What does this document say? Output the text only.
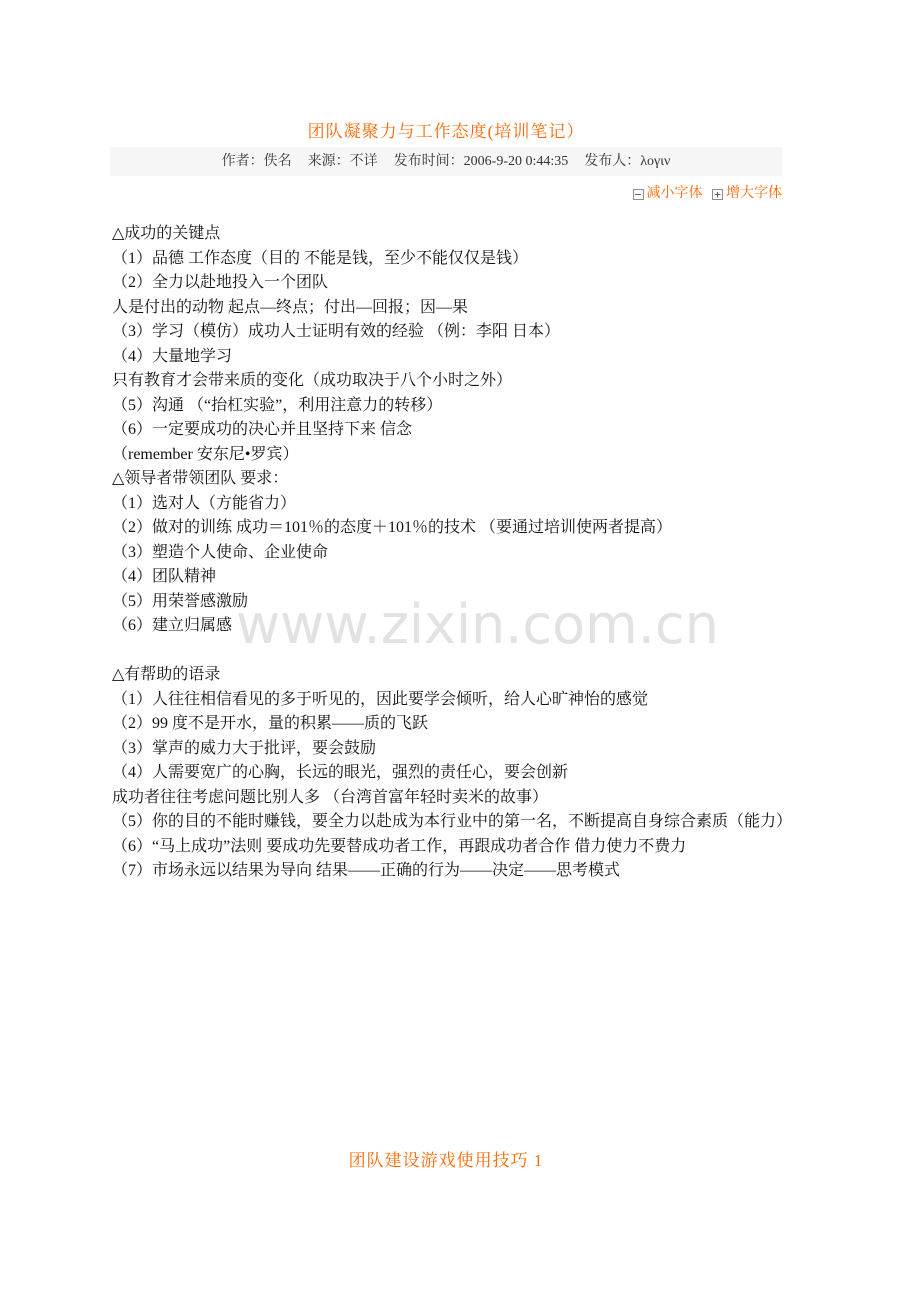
www.zixin.com.cn
团队凝聚力与工作态度(培训笔记）
作者：佚名 来源：不详 发布时间：2006-9-20 0:44:35 发布人：λογιν
− 减小字体 + 增大字体
△成功的关键点
（1）品德 工作态度（目的 不能是钱，至少不能仅仅是钱）
（2）全力以赴地投入一个团队
人是付出的动物 起点—终点；付出—回报；因—果
（3）学习（模仿）成功人士证明有效的经验 （例：李阳 日本）
（4）大量地学习
只有教育才会带来质的变化（成功取决于八个小时之外）
（5）沟通 （“抬杠实验”，利用注意力的转移）
（6）一定要成功的决心并且坚持下来 信念
（remember 安东尼•罗宾）
△领导者带领团队 要求：
（1）选对人（方能省力）
（2）做对的训练 成功＝101％的态度＋101％的技术 （要通过培训使两者提高）
（3）塑造个人使命、企业使命
（4）团队精神
（5）用荣誉感激励
（6）建立归属感

△有帮助的语录
（1）人往往相信看见的多于听见的，因此要学会倾听，给人心旷神怡的感觉
（2）99 度不是开水，量的积累——质的飞跃
（3）掌声的威力大于批评，要会鼓励
（4）人需要宽广的心胸，长远的眼光，强烈的责任心，要会创新
成功者往往考虑问题比别人多 （台湾首富年轻时卖米的故事）
（5）你的目的不能时赚钱，要全力以赴成为本行业中的第一名，不断提高自身综合素质（能力）
（6）“马上成功”法则 要成功先要替成功者工作，再跟成功者合作 借力使力不费力
（7）市场永远以结果为导向 结果——正确的行为——决定——思考模式
团队建设游戏使用技巧 1
